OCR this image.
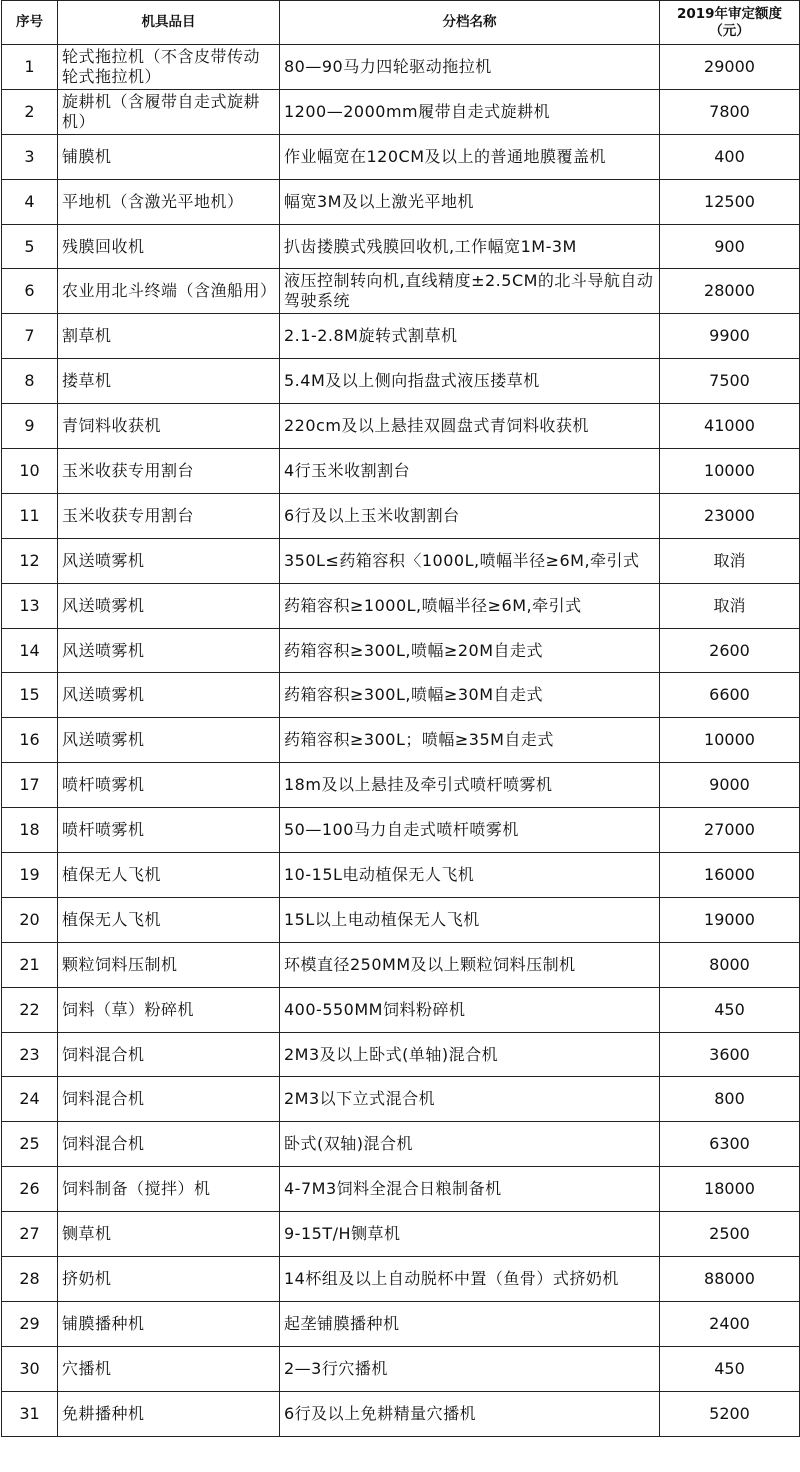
序号	机具品目	分档名称	2019年审定额度（元）
1	轮式拖拉机（不含皮带传动轮式拖拉机）	80—90马力四轮驱动拖拉机	29000
2	旋耕机（含履带自走式旋耕机）	1200—2000mm履带自走式旋耕机	7800
3	铺膜机	作业幅宽在120CM及以上的普通地膜覆盖机	400
4	平地机（含激光平地机）	幅宽3M及以上激光平地机	12500
5	残膜回收机	扒齿搂膜式残膜回收机,工作幅宽1M-3M	900
6	农业用北斗终端（含渔船用）	液压控制转向机,直线精度±2.5CM的北斗导航自动驾驶系统	28000
7	割草机	2.1-2.8M旋转式割草机	9900
8	搂草机	5.4M及以上侧向指盘式液压搂草机	7500
9	青饲料收获机	220cm及以上悬挂双圆盘式青饲料收获机	41000
10	玉米收获专用割台	4行玉米收割割台	10000
11	玉米收获专用割台	6行及以上玉米收割割台	23000
12	风送喷雾机	350L≤药箱容积〈1000L,喷幅半径≥6M,牵引式	取消
13	风送喷雾机	药箱容积≥1000L,喷幅半径≥6M,牵引式	取消
14	风送喷雾机	药箱容积≥300L,喷幅≥20M自走式	2600
15	风送喷雾机	药箱容积≥300L,喷幅≥30M自走式	6600
16	风送喷雾机	药箱容积≥300L；喷幅≥35M自走式	10000
17	喷杆喷雾机	18m及以上悬挂及牵引式喷杆喷雾机	9000
18	喷杆喷雾机	50—100马力自走式喷杆喷雾机	27000
19	植保无人飞机	10-15L电动植保无人飞机	16000
20	植保无人飞机	15L以上电动植保无人飞机	19000
21	颗粒饲料压制机	环模直径250MM及以上颗粒饲料压制机	8000
22	饲料（草）粉碎机	400-550MM饲料粉碎机	450
23	饲料混合机	2M3及以上卧式(单轴)混合机	3600
24	饲料混合机	2M3以下立式混合机	800
25	饲料混合机	卧式(双轴)混合机	6300
26	饲料制备（搅拌）机	4-7M3饲料全混合日粮制备机	18000
27	铡草机	9-15T/H铡草机	2500
28	挤奶机	14杯组及以上自动脱杯中置（鱼骨）式挤奶机	88000
29	铺膜播种机	起垄铺膜播种机	2400
30	穴播机	2—3行穴播机	450
31	免耕播种机	6行及以上免耕精量穴播机	5200
